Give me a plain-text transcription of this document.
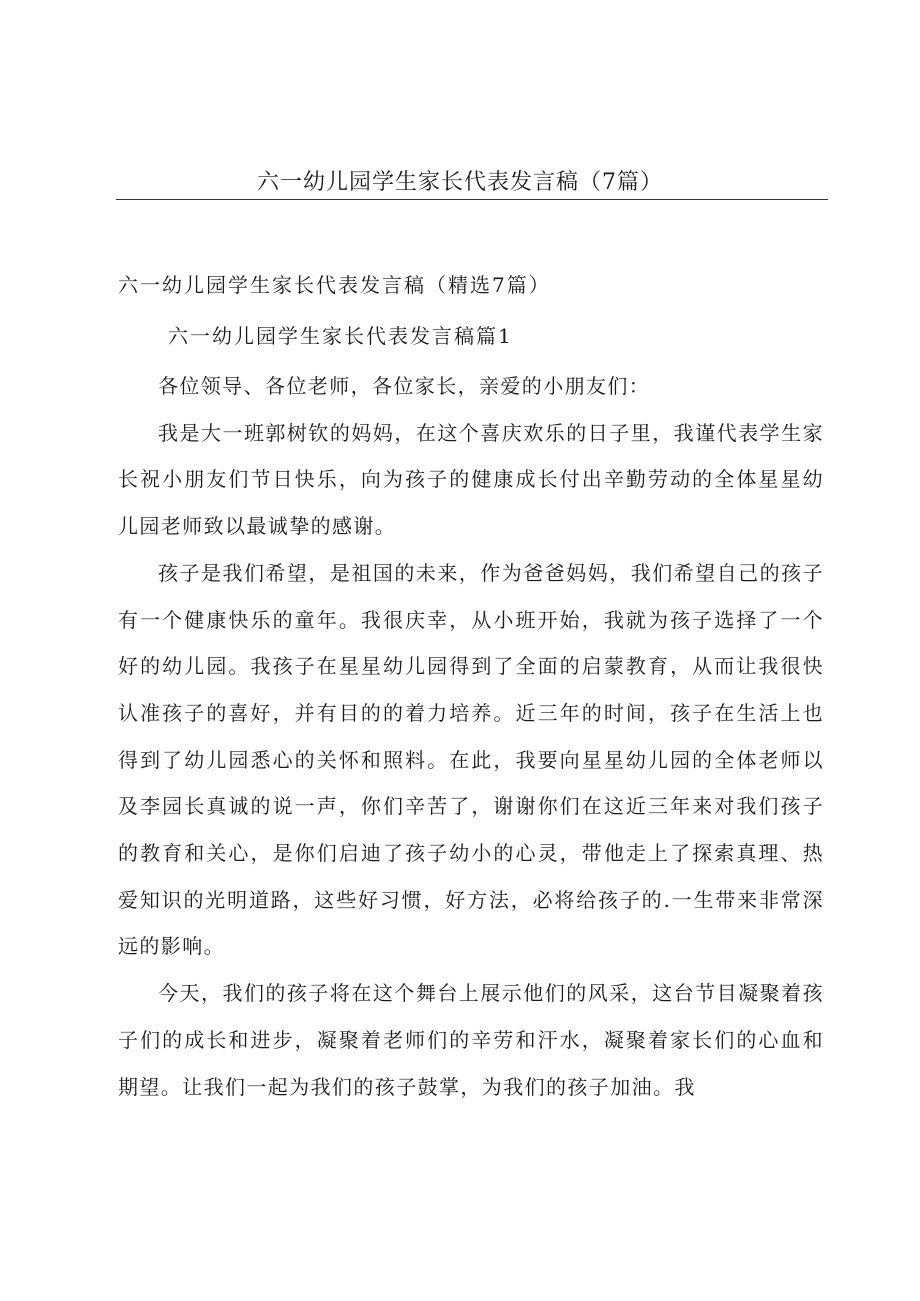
六一幼儿园学生家长代表发言稿（7篇）
六一幼儿园学生家长代表发言稿（精选7篇）
六一幼儿园学生家长代表发言稿篇1

各位领导、各位老师，各位家长，亲爱的小朋友们：

我是大一班郭树钦的妈妈，在这个喜庆欢乐的日子里，我谨代表学生家长祝小朋友们节日快乐，向为孩子的健康成长付出辛勤劳动的全体星星幼儿园老师致以最诚挚的感谢。

孩子是我们希望，是祖国的未来，作为爸爸妈妈，我们希望自己的孩子有一个健康快乐的童年。我很庆幸，从小班开始，我就为孩子选择了一个好的幼儿园。我孩子在星星幼儿园得到了全面的启蒙教育，从而让我很快认准孩子的喜好，并有目的的着力培养。近三年的时间，孩子在生活上也得到了幼儿园悉心的关怀和照料。在此，我要向星星幼儿园的全体老师以及李园长真诚的说一声，你们辛苦了，谢谢你们在这近三年来对我们孩子的教育和关心，是你们启迪了孩子幼小的心灵，带他走上了探索真理、热爱知识的光明道路，这些好习惯，好方法，必将给孩子的.一生带来非常深远的影响。

今天，我们的孩子将在这个舞台上展示他们的风采，这台节目凝聚着孩子们的成长和进步，凝聚着老师们的辛劳和汗水，凝聚着家长们的心血和期望。让我们一起为我们的孩子鼓掌，为我们的孩子加油。我
